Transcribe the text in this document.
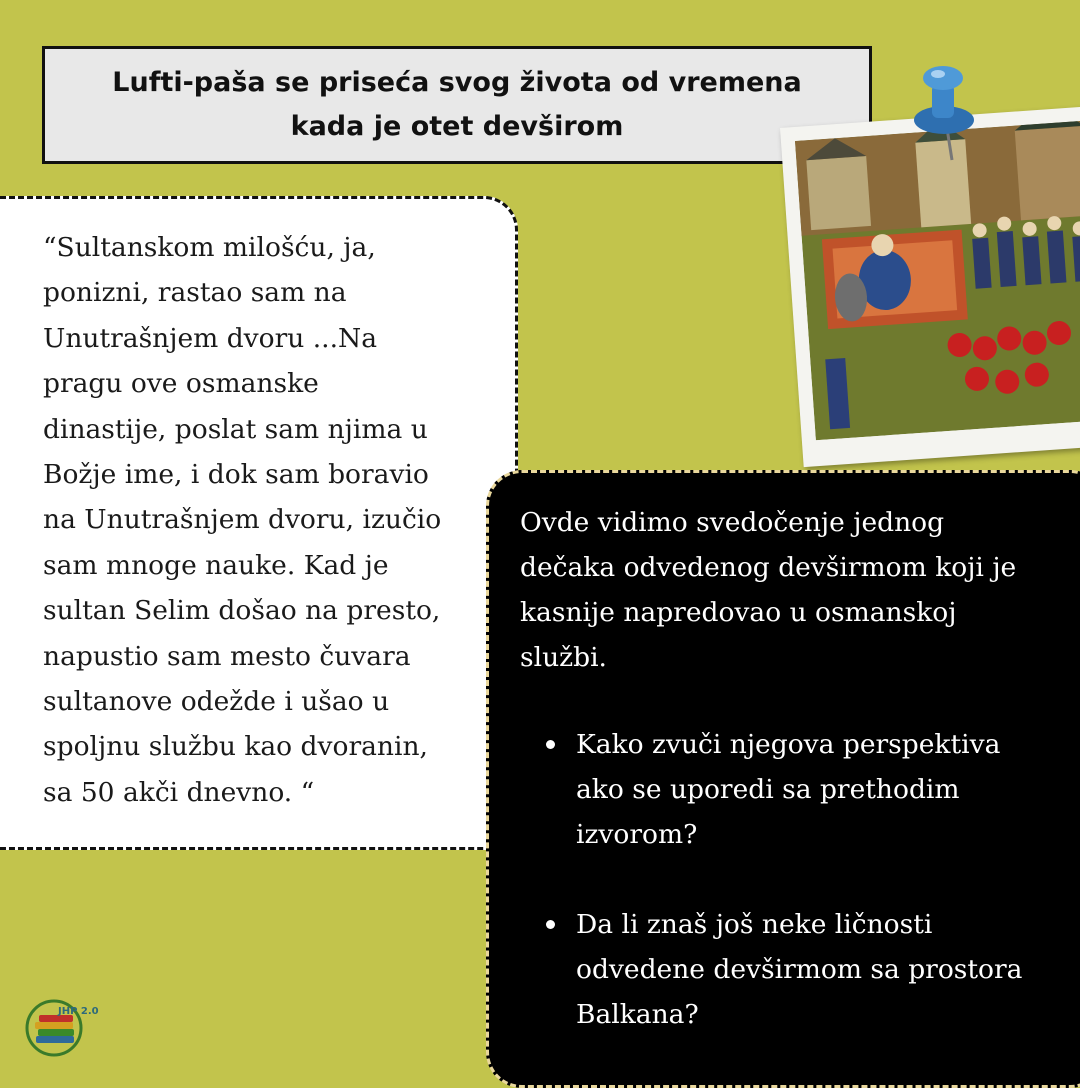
Lufti-paša se priseća svog života od vremena
kada je otet devširom

“Sultanskom milošću, ja,
ponizni, rastao sam na
Unutrašnjem dvoru ...Na
pragu ove osmanske
dinastije, poslat sam njima u
Božje ime, i dok sam boravio
na Unutrašnjem dvoru, izučio
sam mnoge nauke. Kad je
sultan Selim došao na presto,
napustio sam mesto čuvara
sultanove odežde i ušao u
spoljnu službu kao dvoranin,
sa 50 akči dnevno. “

Ovde vidimo svedočenje jednog
dečaka odvedenog devširmom koji je
kasnije napredovao u osmanskoj
službi.

Kako zvuči njegova perspektiva
ako se uporedi sa prethodim
izvorom?
Da li znaš još neke ličnosti
odvedene devširmom sa prostora
Balkana?
JHP 2.0
